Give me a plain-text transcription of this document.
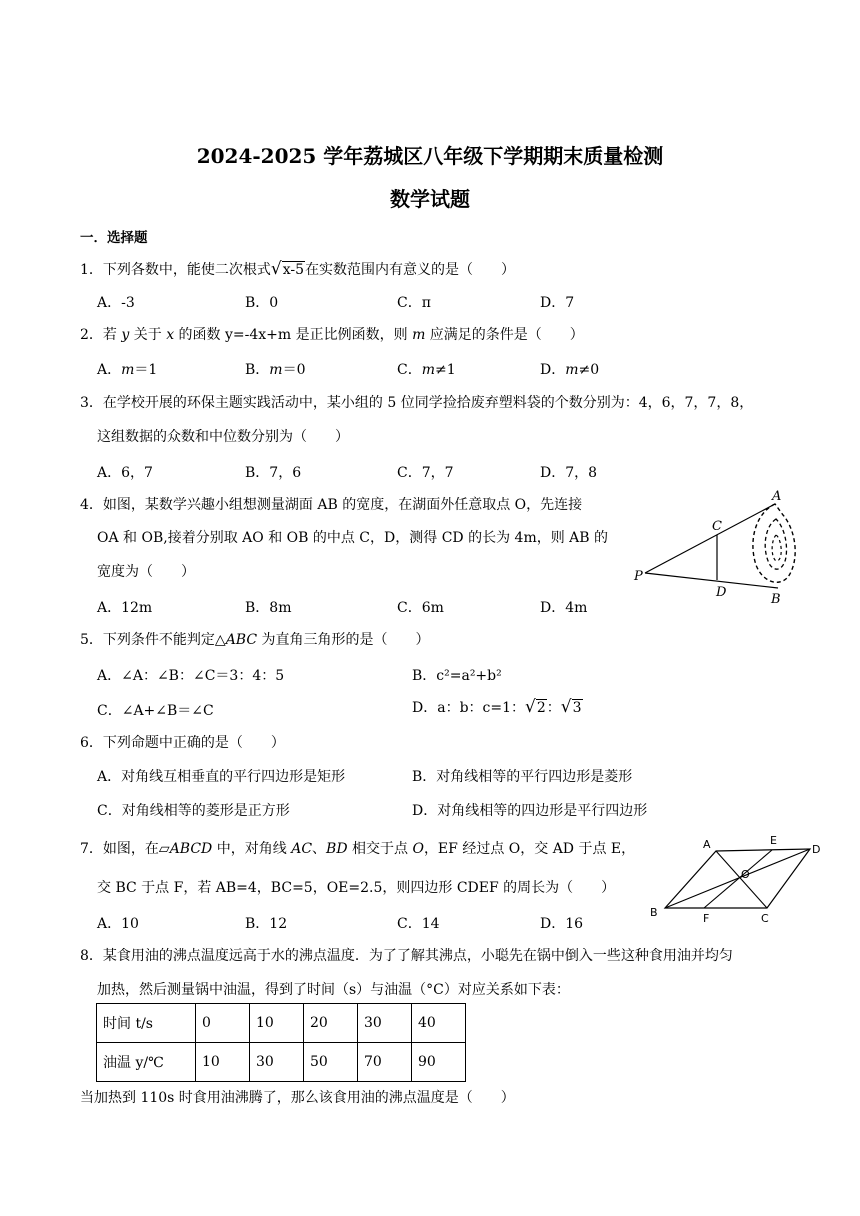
2024-2025 学年荔城区八年级下学期期末质量检测
数学试题
一．选择题
1．下列各数中，能使二次根式√x-5在实数范围内有意义的是（　　）
A．-3	B．0	C．π	D．7
2．若 y 关于 x 的函数 y=-4x+m 是正比例函数，则 m 应满足的条件是（　　）
A．m＝1	B．m＝0	C．m≠1	D．m≠0
3．在学校开展的环保主题实践活动中，某小组的 5 位同学捡拾废弃塑料袋的个数分别为：4，6，7，7，8，
这组数据的众数和中位数分别为（　　）
A．6，7	B．7，6	C．7，7	D．7，8
4．如图，某数学兴趣小组想测量湖面 AB 的宽度，在湖面外任意取点 O，先连接
OA 和 OB,接着分别取 AO 和 OB 的中点 C，D，测得 CD 的长为 4m，则 AB 的
宽度为（　　）
A．12m	B．8m	C．6m	D．4m
A
B
C
D
P
5．下列条件不能判定△ABC 为直角三角形的是（　　）
A．∠A：∠B：∠C＝3：4：5	B．c²=a²+b²
C．∠A+∠B＝∠C	D．a：b：c=1：√2：√3
6．下列命题中正确的是（　　）
A．对角线互相垂直的平行四边形是矩形	B．对角线相等的平行四边形是菱形
C．对角线相等的菱形是正方形	D．对角线相等的四边形是平行四边形
7．如图，在▱ABCD 中，对角线 AC、BD 相交于点 O，EF 经过点 O，交 AD 于点 E，
交 BC 于点 F，若 AB=4，BC=5，OE=2.5，则四边形 CDEF 的周长为（　　）
A．10	B．12	C．14	D．16
A	E
D
O
B	F	C
8．某食用油的沸点温度远高于水的沸点温度．为了了解其沸点，小聪先在锅中倒入一些这种食用油并均匀
加热，然后测量锅中油温，得到了时间（s）与油温（°C）对应关系如下表：
时间 t/s	0	10	20	30	40
油温 y/℃	10	30	50	70	90
当加热到 110s 时食用油沸腾了，那么该食用油的沸点温度是（　　）
